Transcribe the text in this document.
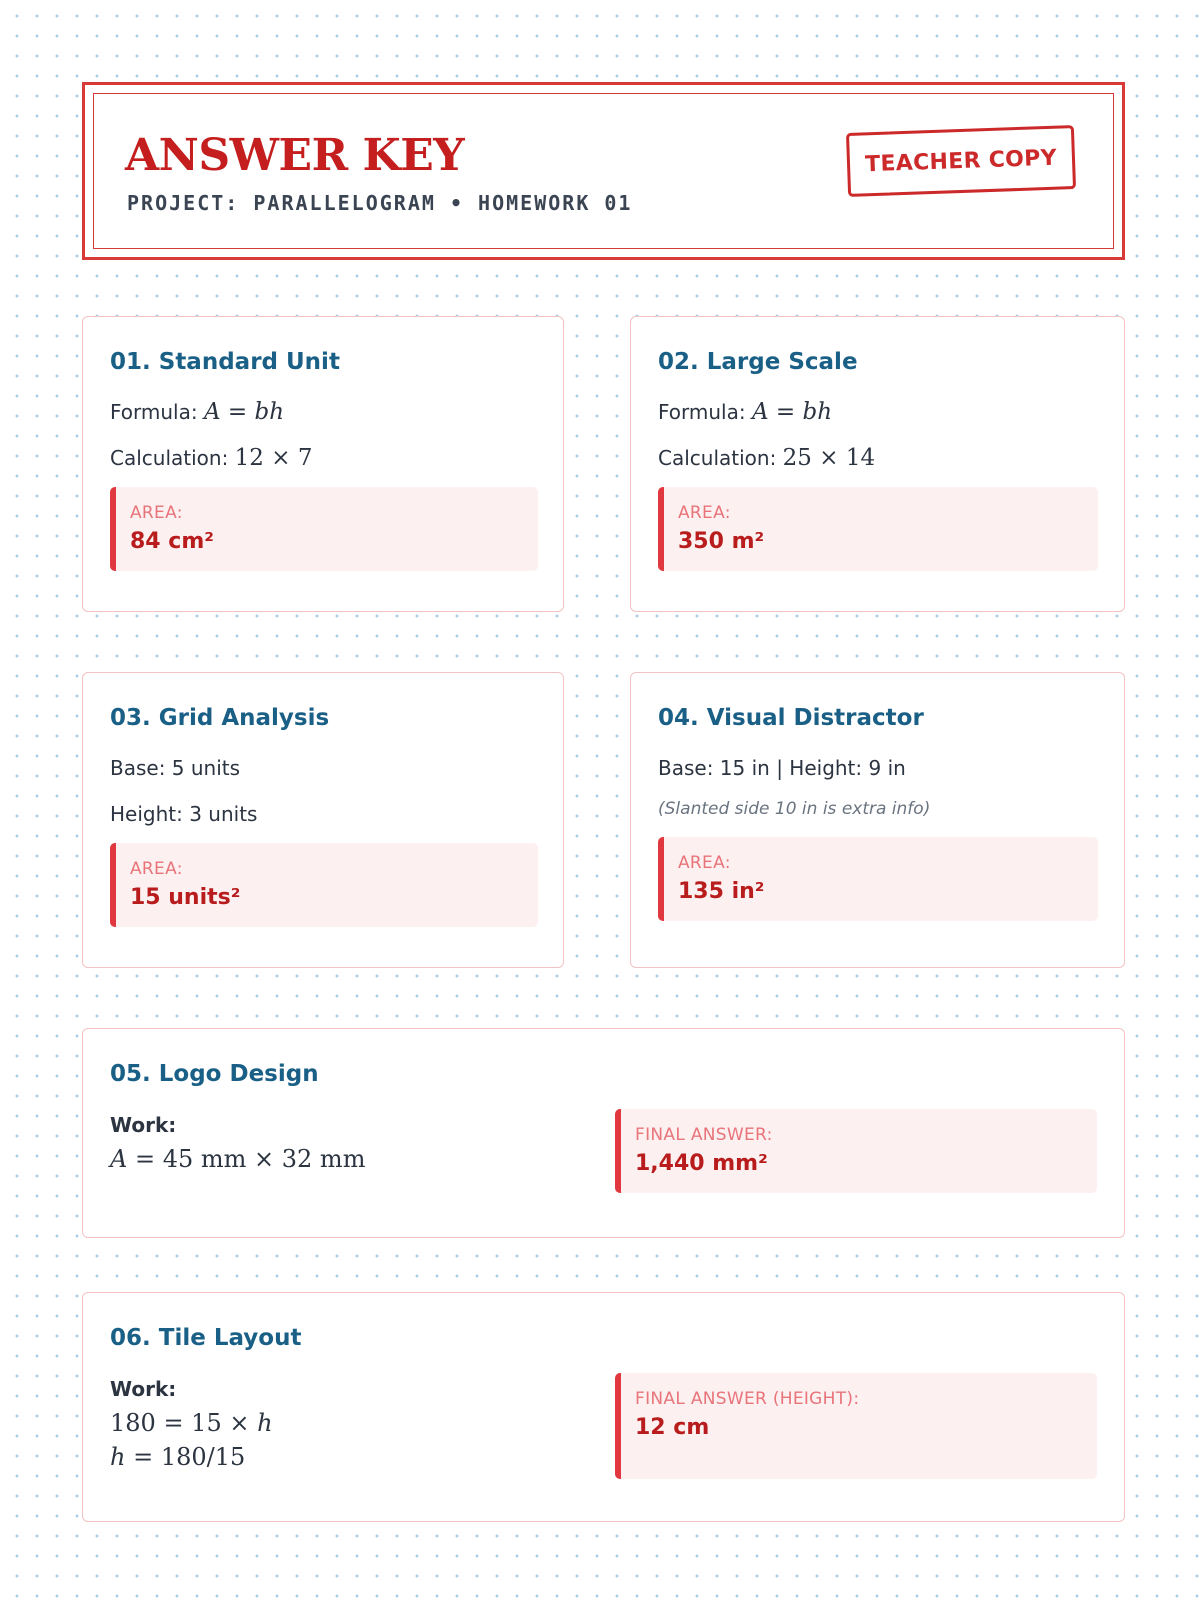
ANSWER KEY
PROJECT: PARALLELOGRAM • HOMEWORK 01
TEACHER COPY
01. Standard Unit
Formula: A = bh
Calculation: 12 × 7
AREA:
84 cm²
02. Large Scale
Formula: A = bh
Calculation: 25 × 14
AREA:
350 m²
03. Grid Analysis
Base: 5 units
Height: 3 units
AREA:
15 units²
04. Visual Distractor
Base: 15 in | Height: 9 in
(Slanted side 10 in is extra info)
AREA:
135 in²
05. Logo Design
Work:
A = 45 mm × 32 mm
FINAL ANSWER:
1,440 mm²
06. Tile Layout
Work:
180 = 15 × h
h = 180/15
FINAL ANSWER (HEIGHT):
12 cm
